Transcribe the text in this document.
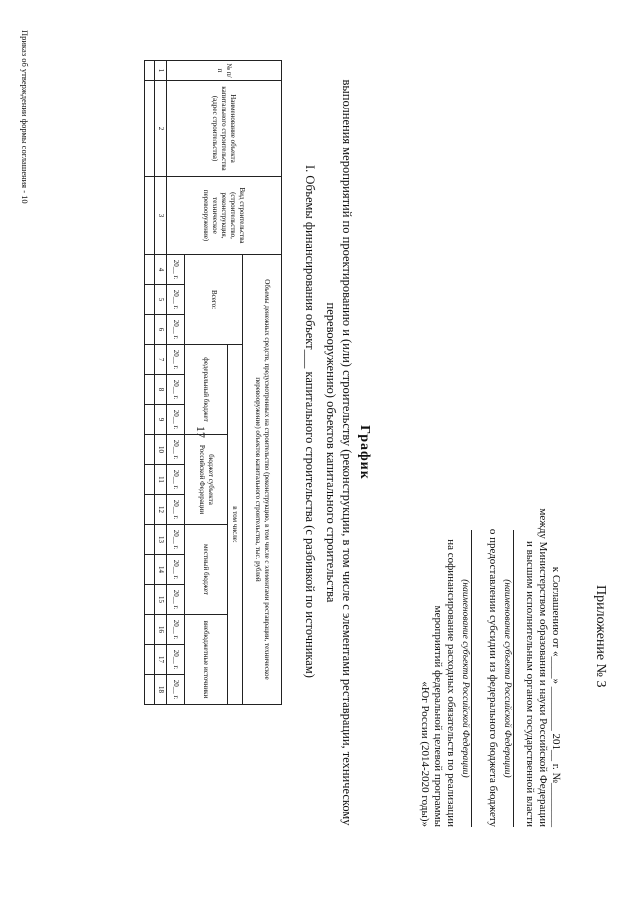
17
Приложение № 3
к Соглашению от «____» ________ 201__ г. №________
между Министерством образования и науки Российской Федерации
и высшим исполнительным органом государственной власти
(наименование субъекта Российской Федерации)
о предоставлении субсидии из федерального бюджета бюджету
(наименование субъекта Российской Федерации)
на софинансирование расходных обязательств по реализации
мероприятий федеральной целевой программы
«Юг России (2014-2020 годы)»
График
выполнения мероприятий по проектированию и (или) строительству (реконструкции, в том числе с элементами реставрации, техническому
перевооружению) объектов капитального строительства
I. Объемы финансирования объект___ капитального строительства (с разбивкой по источникам)
№ п/п	Наименование объекта капитального строительства (адрес строительства)	Вид строительства (строительство, реконструкция, техническое перевооружение)	Объемы денежных средств, предусмотренных на строительство (реконструкцию, в том числе с элементами реставрации, техническое перевооружение) объектов капитального строительства, тыс. рублей														
			Всего:			в том числе:											
						федеральный бюджет			бюджет субъекта Российской Федерации			местный бюджет			внебюджетные источники		
			20__ г.	20__ г.	20__ г.	20__ г.	20__ г.	20__ г.	20__ г.	20__ г.	20__ г.	20__ г.	20__ г.	20__ г.	20__ г.	20__ г.	20__ г.
1	2	3	4	5	6	7	8	9	10	11	12	13	14	15	16	17	18

Приказ об утверждении формы соглашения - 10
